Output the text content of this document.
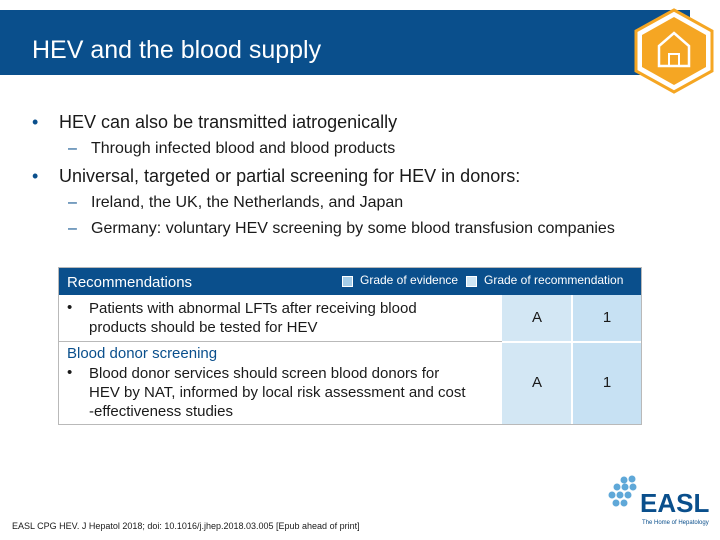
HEV and the blood supply
• HEV can also be transmitted iatrogenically
– Through infected blood and blood products
• Universal, targeted or partial screening for HEV in donors:
– Ireland, the UK, the Netherlands, and Japan
– Germany: voluntary HEV screening by some blood transfusion companies
Recommendations	Grade of evidence Grade of recommendation
• Patients with abnormal LFTs after receiving blood
products should be tested for HEV
A	1
Blood donor screening
• Blood donor services should screen blood donors for
HEV by NAT, informed by local risk assessment and cost
-effectiveness studies
A	1
EASL CPG HEV. J Hepatol 2018; doi: 10.1016/j.jhep.2018.03.005 [Epub ahead of print]
EASL
The Home of Hepatology
